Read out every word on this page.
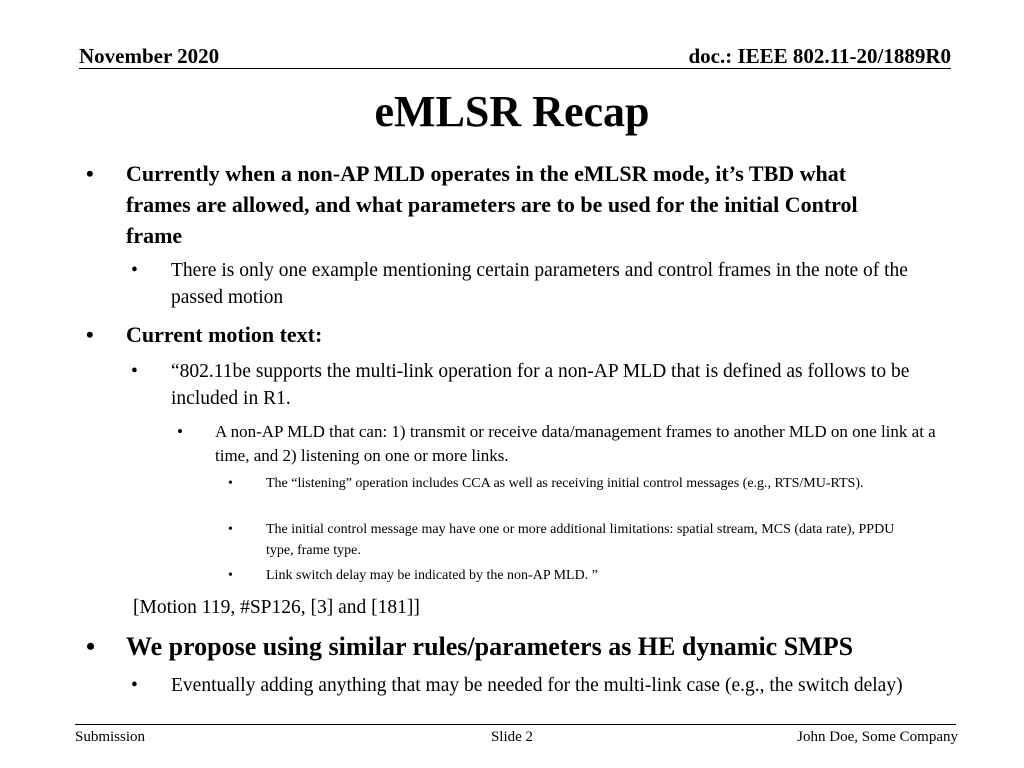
November 2020	doc.: IEEE 802.11-20/1889R0
eMLSR Recap
• Currently when a non-AP MLD operates in the eMLSR mode, it’s TBD what frames are allowed, and what parameters are to be used for the initial Control frame
• There is only one example mentioning certain parameters and control frames in the note of the passed motion
• Current motion text:
• “802.11be supports the multi-link operation for a non-AP MLD that is defined as follows to be included in R1.
• A non-AP MLD that can: 1) transmit or receive data/management frames to another MLD on one link at a time, and 2) listening on one or more links.
• The “listening” operation includes CCA as well as receiving initial control messages (e.g., RTS/MU-RTS).
• The initial control message may have one or more additional limitations: spatial stream, MCS (data rate), PPDU type, frame type.
• Link switch delay may be indicated by the non-AP MLD. ”
[Motion 119, #SP126, [3] and [181]]
• We propose using similar rules/parameters as HE dynamic SMPS
• Eventually adding anything that may be needed for the multi-link case (e.g., the switch delay)
Submission	Slide 2	John Doe, Some Company
